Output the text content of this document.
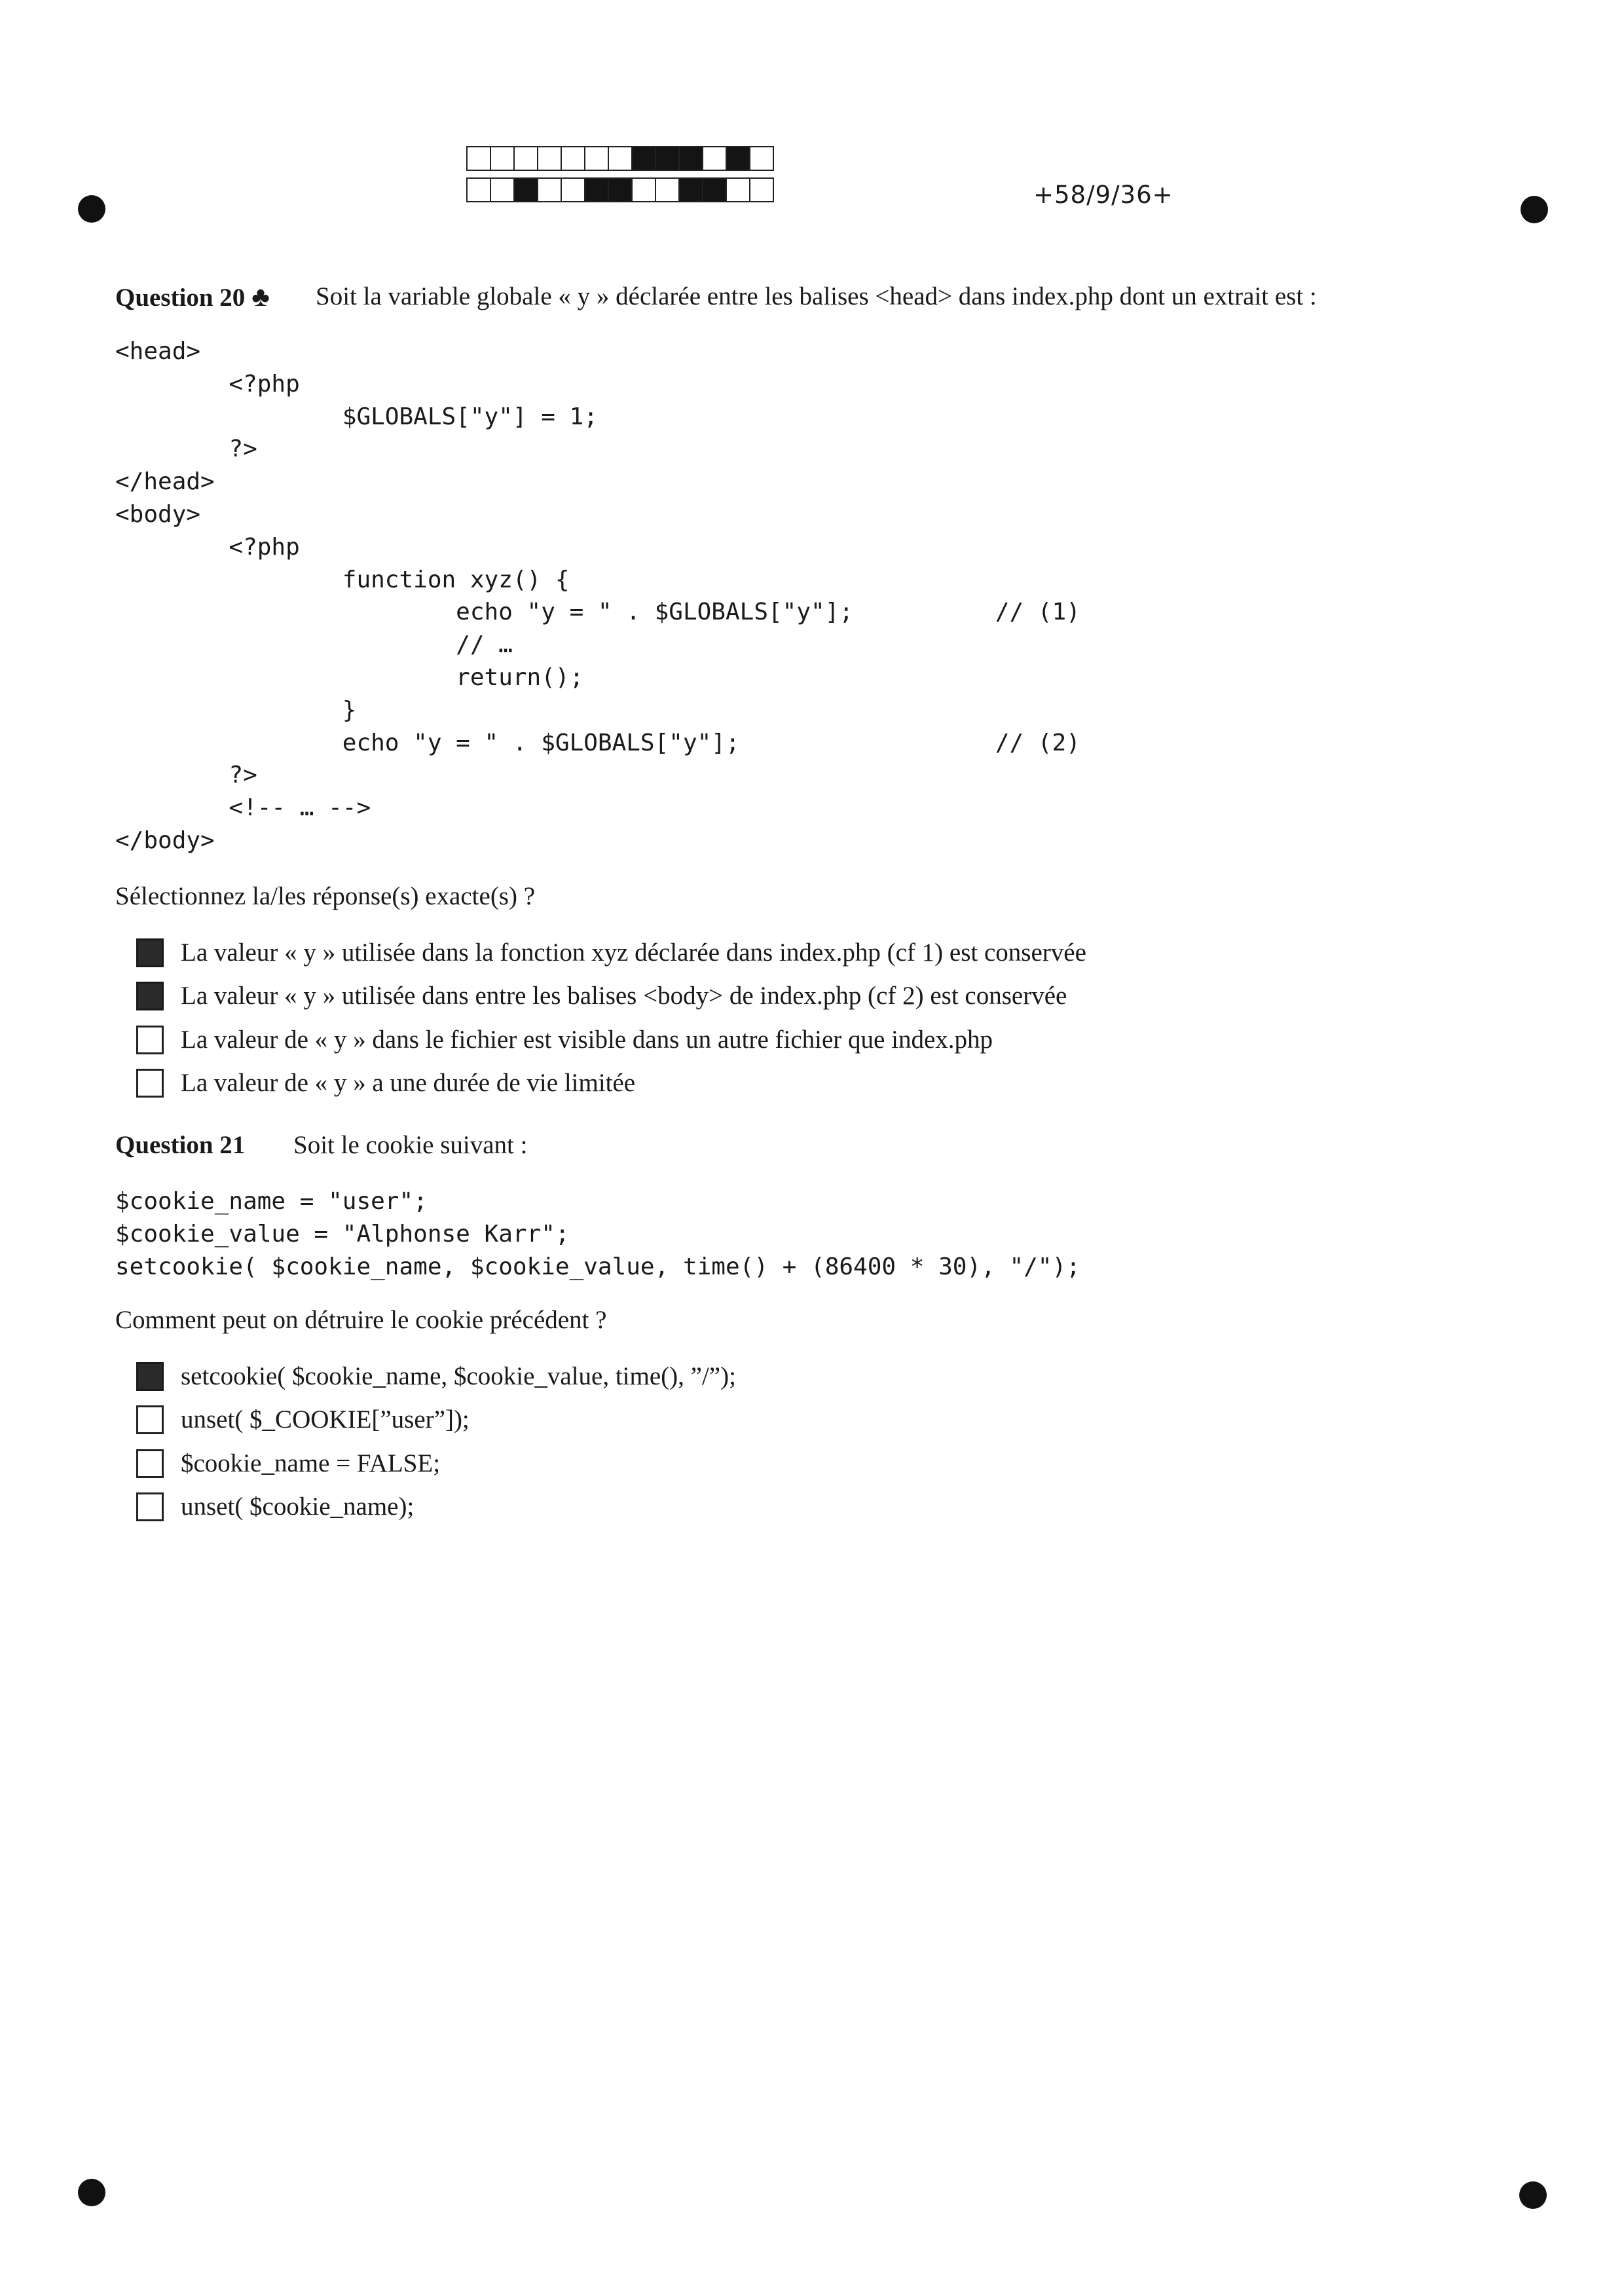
+58/9/36+
Question 20 ♣ Soit la variable globale « y » déclarée entre les balises <head> dans index.php dont un extrait est :
<head>
<?php
$GLOBALS["y"] = 1;
?>
</head>
<body>
<?php
function xyz() {
echo "y = " . $GLOBALS["y"];          // (1)
// …
return();
}
echo "y = " . $GLOBALS["y"];                  // (2)
?>
<!-- … -->
</body>
Sélectionnez la/les réponse(s) exacte(s) ?
La valeur « y » utilisée dans la fonction xyz déclarée dans index.php (cf 1) est conservée
La valeur « y » utilisée dans entre les balises <body> de index.php (cf 2) est conservée
La valeur de « y » dans le fichier est visible dans un autre fichier que index.php
La valeur de « y » a une durée de vie limitée
Question 21 Soit le cookie suivant :
$cookie_name = "user";
$cookie_value = "Alphonse Karr";
setcookie( $cookie_name, $cookie_value, time() + (86400 * 30), "/");
Comment peut on détruire le cookie précédent ?
setcookie( $cookie_name, $cookie_value, time(), ”/”);
unset( $_COOKIE[”user”]);
$cookie_name = FALSE;
unset( $cookie_name);
